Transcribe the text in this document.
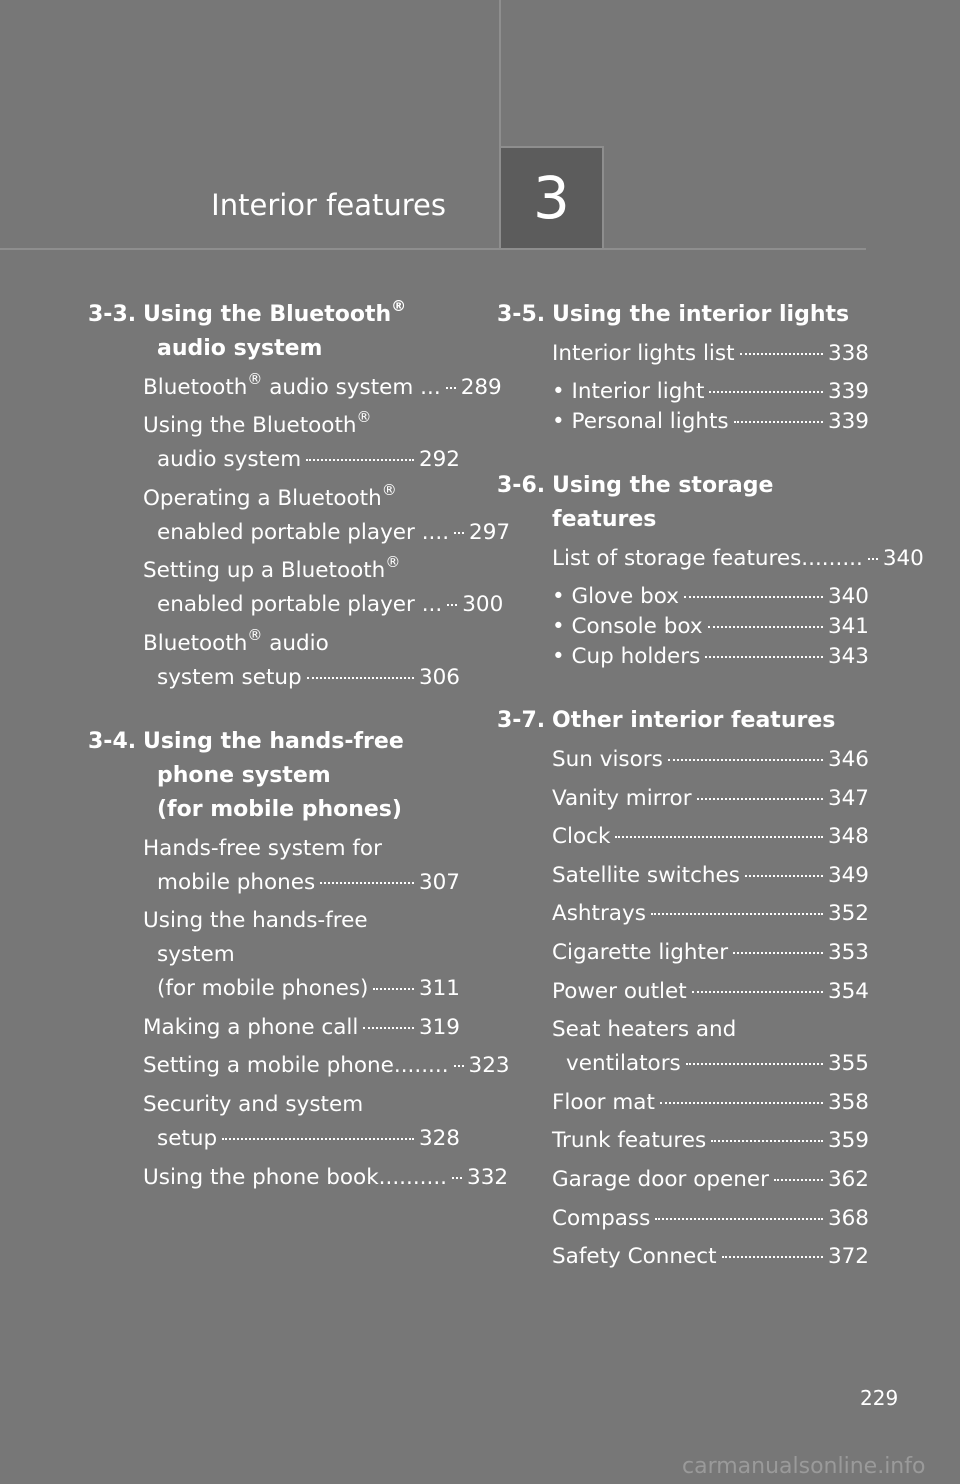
Interior features 3
3-3. Using the Bluetooth®
audio system
Bluetooth® audio system ... 289
Using the Bluetooth®
audio system	292
Operating a Bluetooth®
enabled portable player .... 297
Setting up a Bluetooth®
enabled portable player ... 300
Bluetooth® audio
system setup	306
3-4. Using the hands-free
phone system
(for mobile phones)
Hands-free system for
mobile phones	307
Using the hands-free
system
(for mobile phones) 311
Making a phone call	319
Setting a mobile phone........ 323
Security and system
setup	328
Using the phone book.......... 332
3-5. Using the interior lights
Interior lights list	338
• Interior light	339
• Personal lights	339
3-6. Using the storage features
List of storage features......... 340
• Glove box	340
• Console box	341
• Cup holders	343
3-7. Other interior features
Sun visors	346
Vanity mirror	347
Clock	348
Satellite switches	349
Ashtrays	352
Cigarette lighter	353
Power outlet	354
Seat heaters and
ventilators	355
Floor mat	358
Trunk features	359
Garage door opener	362
Compass	368
Safety Connect	372
229
carmanualsonline.info
